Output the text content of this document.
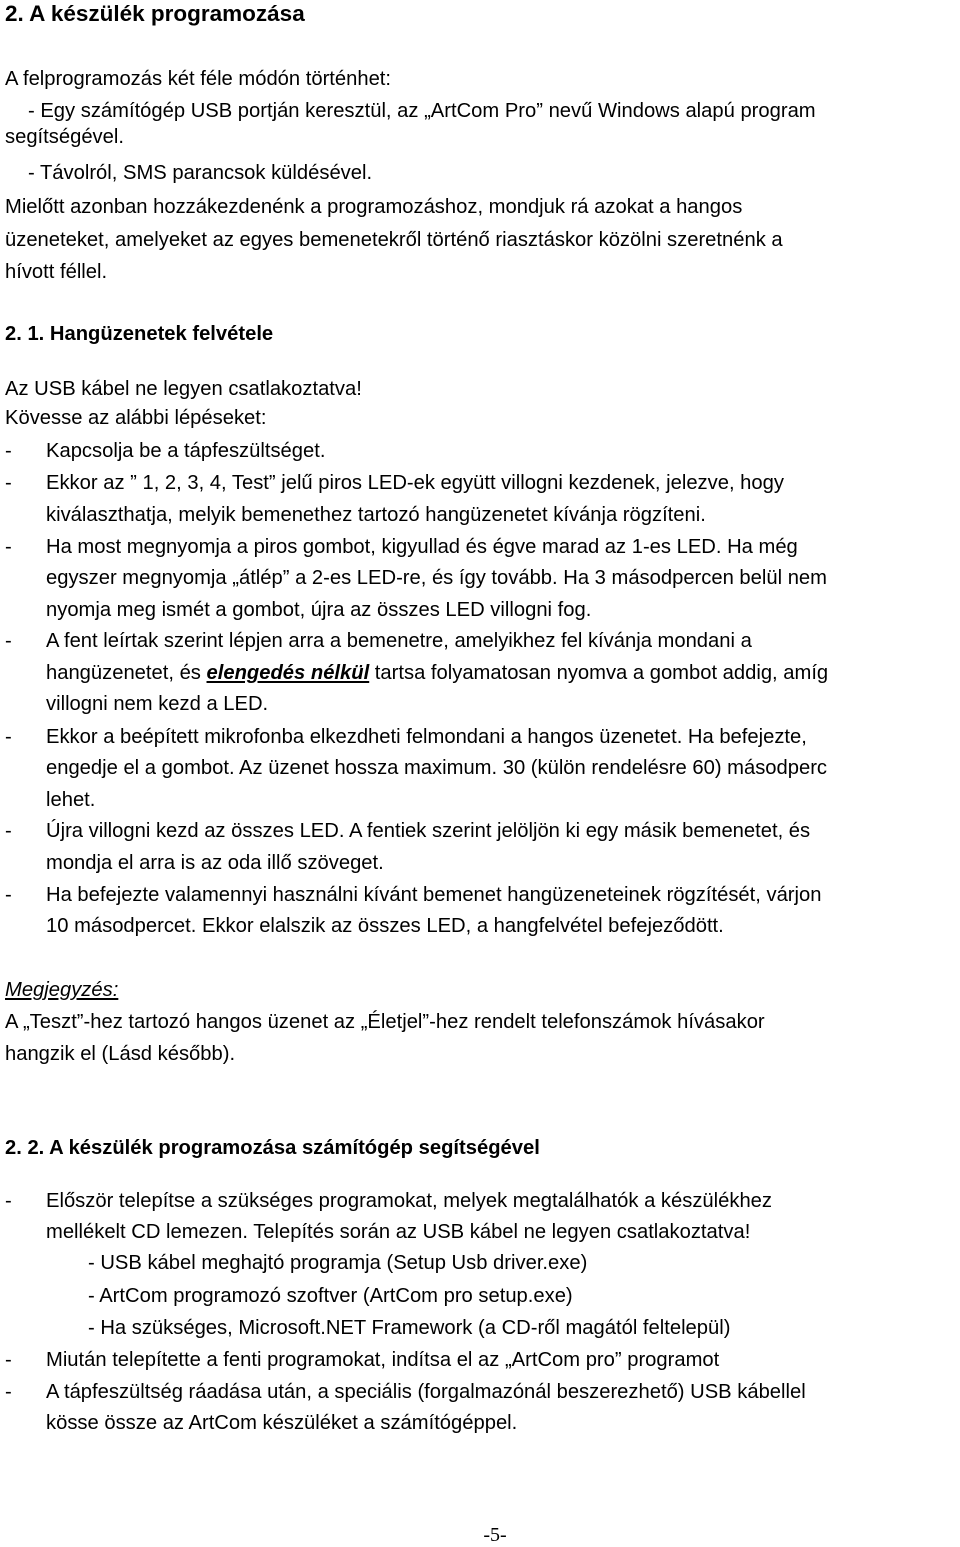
2. A készülék programozása
A felprogramozás két féle módón történhet:
- Egy számítógép USB portján keresztül, az „ArtCom Pro” nevű Windows alapú program
segítségével.
- Távolról, SMS parancsok küldésével.
Mielőtt azonban hozzákezdenénk a programozáshoz, mondjuk rá azokat a hangos
üzeneteket, amelyeket az egyes bemenetekről történő riasztáskor közölni szeretnénk a
hívott féllel.
2. 1. Hangüzenetek felvétele
Az USB kábel ne legyen csatlakoztatva!
Kövesse az alábbi lépéseket:
- Kapcsolja be a tápfeszültséget.
- Ekkor az ” 1, 2, 3, 4, Test” jelű piros LED-ek együtt villogni kezdenek, jelezve, hogy
kiválaszthatja, melyik bemenethez tartozó hangüzenetet kívánja rögzíteni.
- Ha most megnyomja a piros gombot, kigyullad és égve marad az 1-es LED. Ha még
egyszer megnyomja „átlép” a 2-es LED-re, és így tovább. Ha 3 másodpercen belül nem
nyomja meg ismét a gombot, újra az összes LED villogni fog.
- A fent leírtak szerint lépjen arra a bemenetre, amelyikhez fel kívánja mondani a
hangüzenetet, és elengedés nélkül tartsa folyamatosan nyomva a gombot addig, amíg
villogni nem kezd a LED.
- Ekkor a beépített mikrofonba elkezdheti felmondani a hangos üzenetet. Ha befejezte,
engedje el a gombot. Az üzenet hossza maximum. 30 (külön rendelésre 60) másodperc
lehet.
- Újra villogni kezd az összes LED. A fentiek szerint jelöljön ki egy másik bemenetet, és
mondja el arra is az oda illő szöveget.
- Ha befejezte valamennyi használni kívánt bemenet hangüzeneteinek rögzítését, várjon
10 másodpercet. Ekkor elalszik az összes LED, a hangfelvétel befejeződött.
Megjegyzés:
A „Teszt”-hez tartozó hangos üzenet az „Életjel”-hez rendelt telefonszámok hívásakor
hangzik el (Lásd később).
2. 2. A készülék programozása számítógép segítségével
- Először telepítse a szükséges programokat, melyek megtalálhatók a készülékhez
mellékelt CD lemezen. Telepítés során az USB kábel ne legyen csatlakoztatva!
- USB kábel meghajtó programja (Setup Usb driver.exe)
- ArtCom programozó szoftver (ArtCom pro setup.exe)
- Ha szükséges, Microsoft.NET Framework (a CD-ről magától feltelepül)
- Miután telepítette a fenti programokat, indítsa el az „ArtCom pro” programot
- A tápfeszültség ráadása után, a speciális (forgalmazónál beszerezhető) USB kábellel
kösse össze az ArtCom készüléket a számítógéppel.
-5-
